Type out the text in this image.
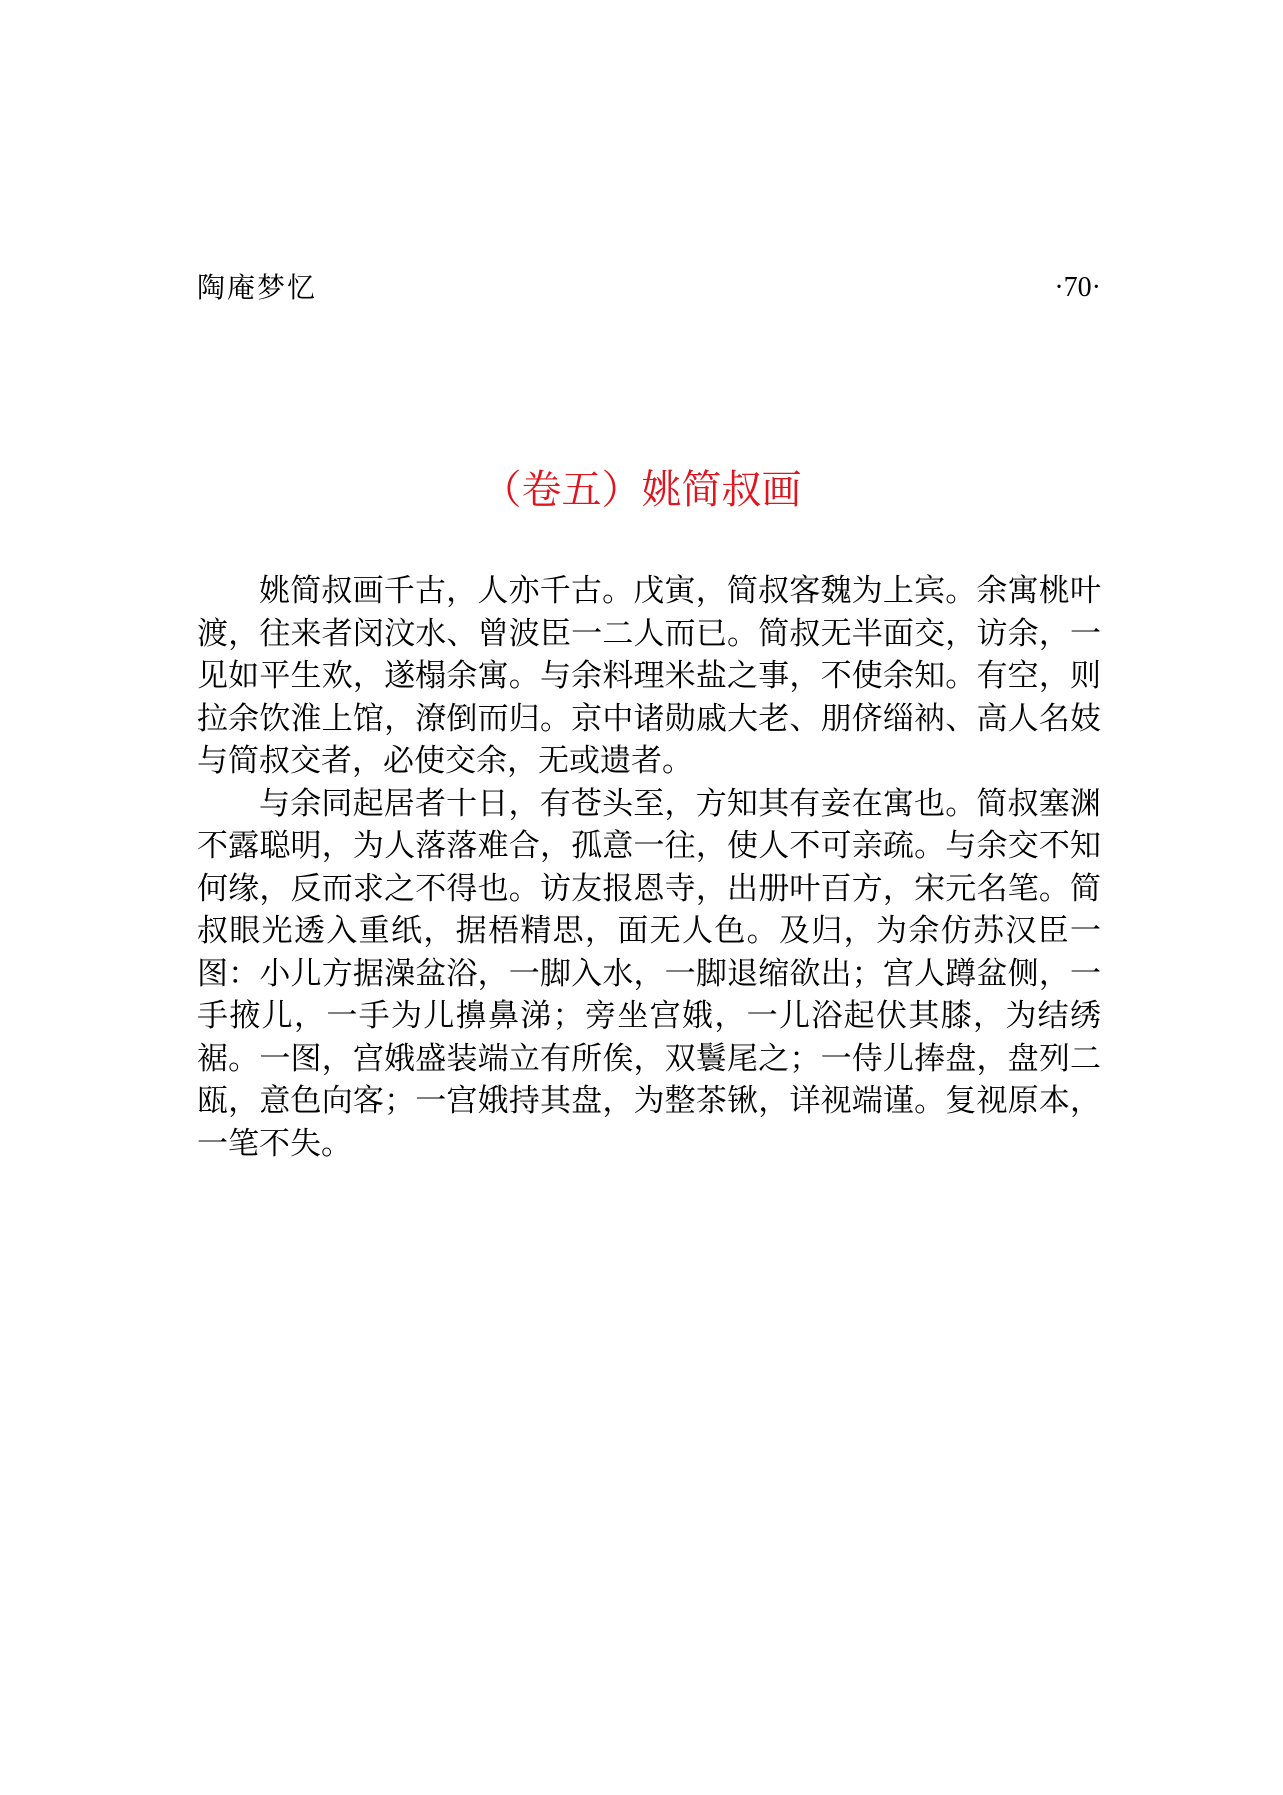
陶庵梦忆	·70·
（卷五）姚简叔画

姚简叔画千古，人亦千古。戊寅，简叔客魏为上宾。余寓桃叶渡，往来者闵汶水、曾波臣一二人而已。简叔无半面交，访余，一见如平生欢，遂榻余寓。与余料理米盐之事，不使余知。有空，则拉余饮淮上馆，潦倒而归。京中诸勋戚大老、朋侪缁衲、高人名妓与简叔交者，必使交余，无或遗者。

与余同起居者十日，有苍头至，方知其有妾在寓也。简叔塞渊不露聪明，为人落落难合，孤意一往，使人不可亲疏。与余交不知何缘，反而求之不得也。访友报恩寺，出册叶百方，宋元名笔。简叔眼光透入重纸，据梧精思，面无人色。及归，为余仿苏汉臣一图：小儿方据澡盆浴，一脚入水，一脚退缩欲出；宫人蹲盆侧，一手掖儿，一手为儿擤鼻涕；旁坐宫娥，一儿浴起伏其膝，为结绣裾。一图，宫娥盛装端立有所俟，双鬟尾之；一侍儿捧盘，盘列二瓯，意色向客；一宫娥持其盘，为整茶锹，详视端谨。复视原本，一笔不失。
